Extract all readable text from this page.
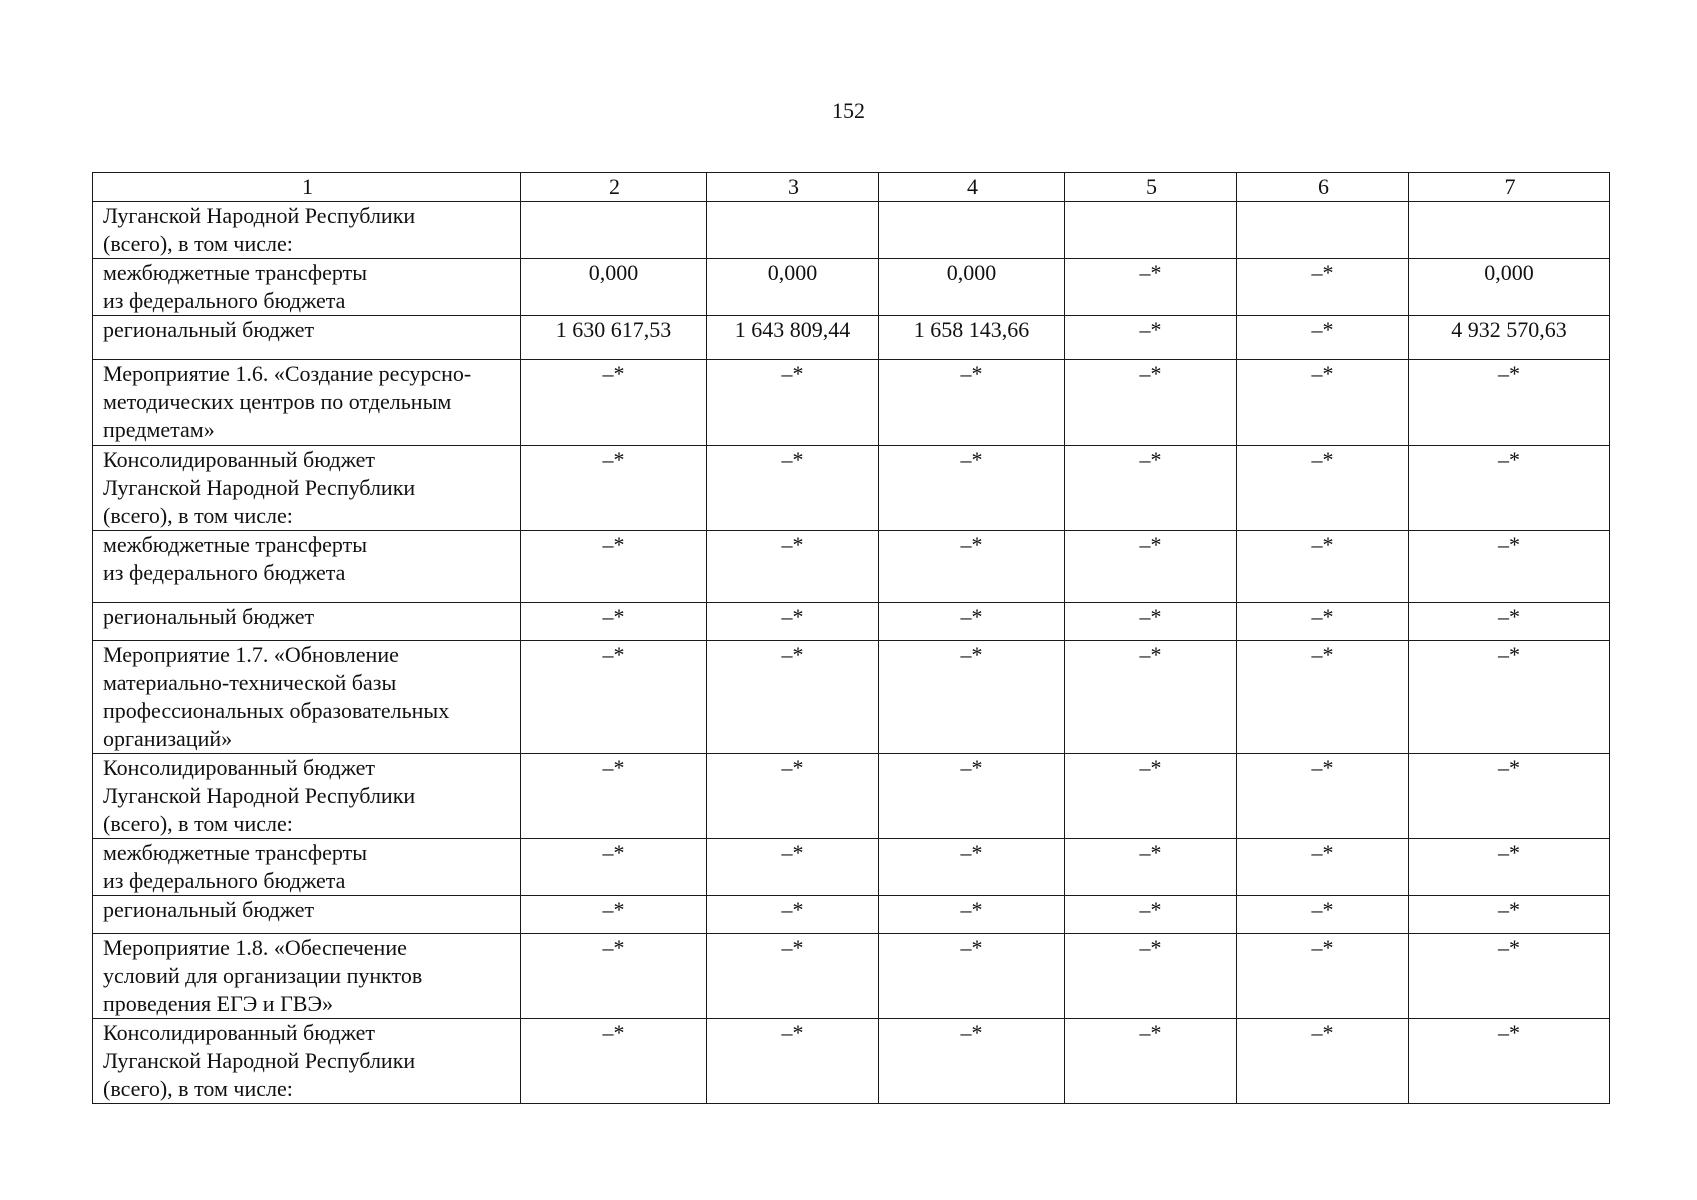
152
1	2	3	4	5	6	7
Луганской Народной Республики
(всего), в том числе:						
межбюджетные трансферты
из федерального бюджета	0,000	0,000	0,000	–*	–*	0,000
региональный бюджет	1 630 617,53	1 643 809,44	1 658 143,66	–*	–*	4 932 570,63
Мероприятие 1.6. «Создание ресурсно-
методических центров по отдельным
предметам»	–*	–*	–*	–*	–*	–*
Консолидированный бюджет
Луганской Народной Республики
(всего), в том числе:	–*	–*	–*	–*	–*	–*
межбюджетные трансферты
из федерального бюджета	–*	–*	–*	–*	–*	–*
региональный бюджет	–*	–*	–*	–*	–*	–*
Мероприятие 1.7. «Обновление
материально-технической базы
профессиональных образовательных
организаций»	–*	–*	–*	–*	–*	–*
Консолидированный бюджет
Луганской Народной Республики
(всего), в том числе:	–*	–*	–*	–*	–*	–*
межбюджетные трансферты
из федерального бюджета	–*	–*	–*	–*	–*	–*
региональный бюджет	–*	–*	–*	–*	–*	–*
Мероприятие 1.8. «Обеспечение
условий для организации пунктов
проведения ЕГЭ и ГВЭ»	–*	–*	–*	–*	–*	–*
Консолидированный бюджет
Луганской Народной Республики
(всего), в том числе:	–*	–*	–*	–*	–*	–*
